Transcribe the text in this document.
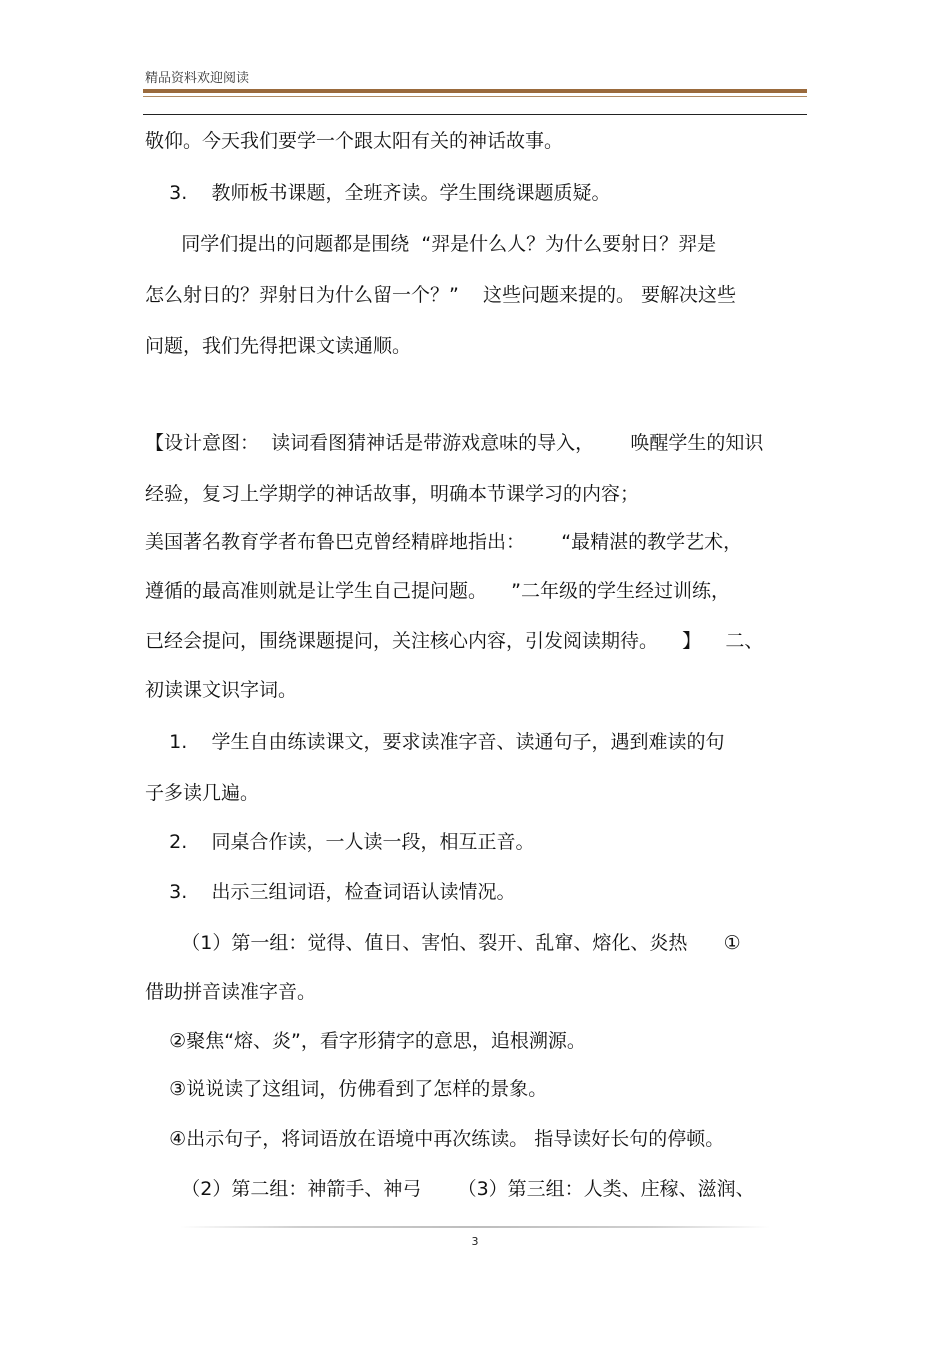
精品资料欢迎阅读
敬仰。今天我们要学一个跟太阳有关的神话故事。
3.    教师板书课题，全班齐读。学生围绕课题质疑。
同学们提出的问题都是围绕  “羿是什么人？为什么要射日？羿是
怎么射日的？羿射日为什么留一个？”    这些问题来提的。 要解决这些
问题，我们先得把课文读通顺。
【设计意图：  读词看图猜神话是带游戏意味的导入，      唤醒学生的知识
经验，复习上学期学的神话故事，明确本节课学习的内容；
美国著名教育学者布鲁巴克曾经精辟地指出：      “最精湛的教学艺术，
遵循的最高准则就是让学生自己提问题。    ”二年级的学生经过训练，
已经会提问，围绕课题提问，关注核心内容，引发阅读期待。    】    二、
初读课文识字词。
1.    学生自由练读课文，要求读准字音、读通句子，遇到难读的句
子多读几遍。
2.    同桌合作读，一人读一段，相互正音。
3.    出示三组词语，检查词语认读情况。
（1）第一组：觉得、值日、害怕、裂开、乱窜、熔化、炎热      ①
借助拼音读准字音。
②聚焦“熔、炎”，看字形猜字的意思，追根溯源。
③说说读了这组词，仿佛看到了怎样的景象。
④出示句子，将词语放在语境中再次练读。 指导读好长句的停顿。
（2）第二组：神箭手、神弓      （3）第三组：人类、庄稼、滋润、
3
